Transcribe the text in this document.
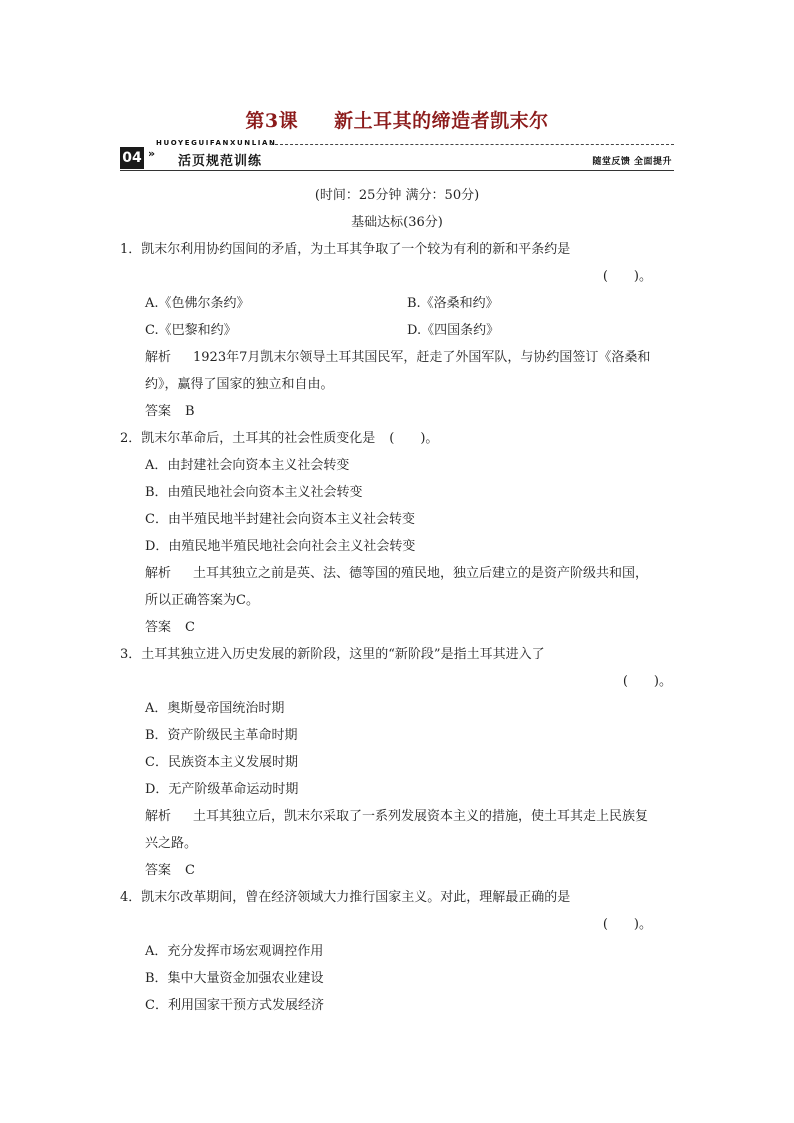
第3课 新土耳其的缔造者凯末尔
HUOYEGUIFANXUNLIAN
04 »
活页规范训练	随堂反馈 全面提升
(时间：25分钟 满分：50分)
基础达标(36分)
1．凯末尔利用协约国间的矛盾，为土耳其争取了一个较为有利的新和平条约是
(　　)。
A.《色佛尔条约》	B.《洛桑和约》
C.《巴黎和约》	D.《四国条约》
解析 1923年7月凯末尔领导土耳其国民军，赶走了外国军队，与协约国签订《洛桑和
约》，赢得了国家的独立和自由。
答案 B
2．凯末尔革命后，土耳其的社会性质变化是 (　　)。
A．由封建社会向资本主义社会转变
B．由殖民地社会向资本主义社会转变
C．由半殖民地半封建社会向资本主义社会转变
D．由殖民地半殖民地社会向社会主义社会转变
解析 土耳其独立之前是英、法、德等国的殖民地，独立后建立的是资产阶级共和国，
所以正确答案为C。
答案 C
3．土耳其独立进入历史发展的新阶段，这里的“新阶段”是指土耳其进入了
(　　)。
A．奥斯曼帝国统治时期
B．资产阶级民主革命时期
C．民族资本主义发展时期
D．无产阶级革命运动时期
解析 土耳其独立后，凯末尔采取了一系列发展资本主义的措施，使土耳其走上民族复
兴之路。
答案 C
4．凯末尔改革期间，曾在经济领域大力推行国家主义。对此，理解最正确的是
(　　)。
A．充分发挥市场宏观调控作用
B．集中大量资金加强农业建设
C．利用国家干预方式发展经济
